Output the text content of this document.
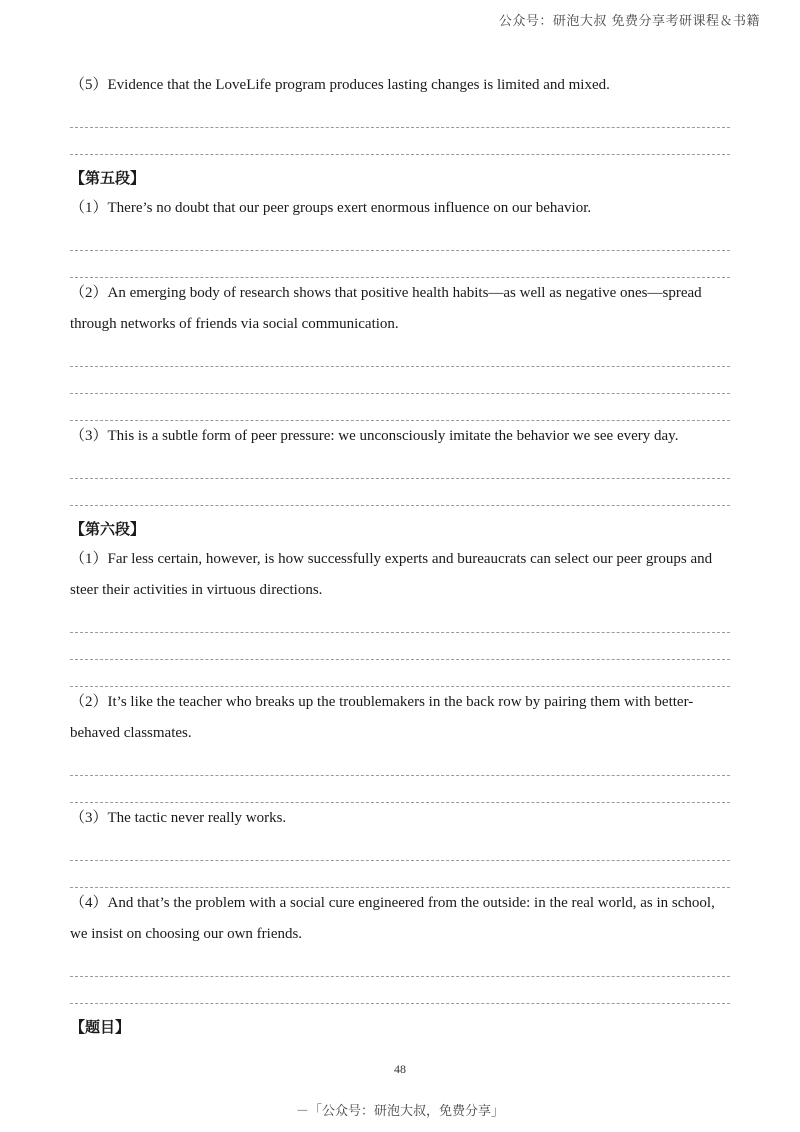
公众号：研泡大叔 免费分享考研课程＆书籍

（5）Evidence that the LoveLife program produces lasting changes is limited and mixed.

【第五段】

（1）There’s no doubt that our peer groups exert enormous influence on our behavior.

（2）An emerging body of research shows that positive health habits—as well as negative ones—spread through networks of friends via social communication.

（3）This is a subtle form of peer pressure: we unconsciously imitate the behavior we see every day.

【第六段】

（1）Far less certain, however, is how successfully experts and bureaucrats can select our peer groups and steer their activities in virtuous directions.

（2）It’s like the teacher who breaks up the troublemakers in the back row by pairing them with better-behaved classmates.

（3）The tactic never really works.

（4）And that’s the problem with a social cure engineered from the outside: in the real world, as in school, we insist on choosing our own friends.

【题目】
48
－「公众号：研泡大叔，免费分享」
